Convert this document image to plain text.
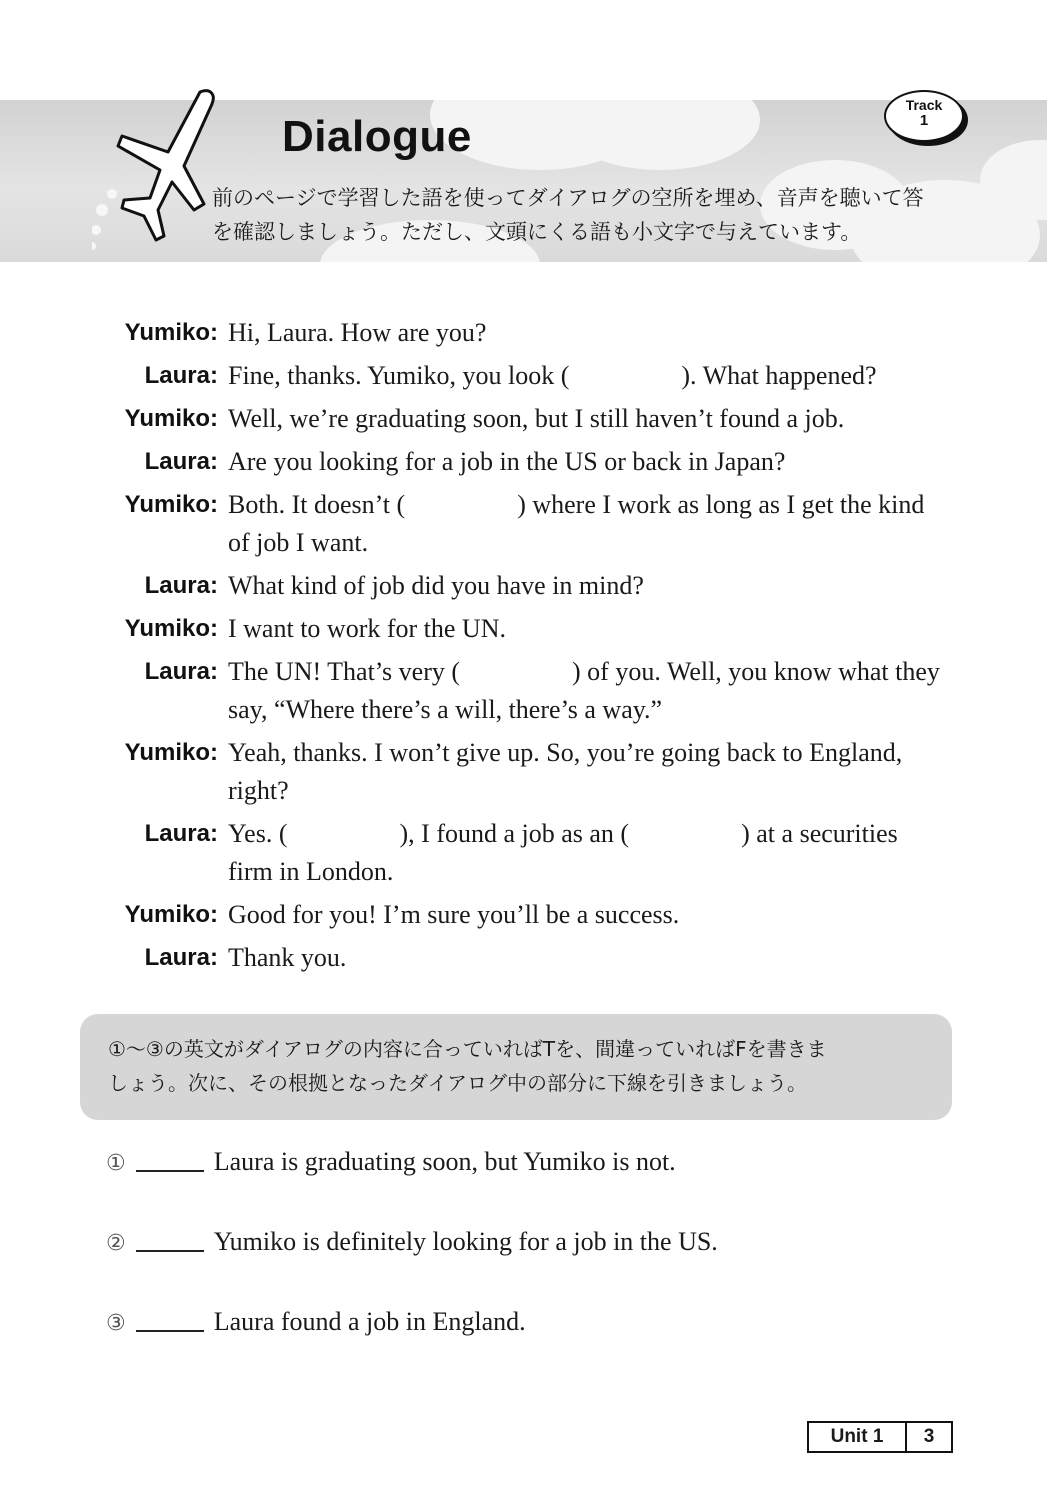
Dialogue
Track
1
前のページで学習した語を使ってダイアログの空所を埋め、音声を聴いて答
を確認しましょう。ただし、文頭にくる語も小文字で与えています。
Yumiko: Hi, Laura. How are you?
Laura: Fine, thanks. Yumiko, you look (	). What happened?
Yumiko: Well, we’re graduating soon, but I still haven’t found a job.
Laura: Are you looking for a job in the US or back in Japan?
Yumiko: Both. It doesn’t (	) where I work as long as I get the kind of job I want.
Laura: What kind of job did you have in mind?
Yumiko: I want to work for the UN.
Laura: The UN! That’s very (	) of you. Well, you know what they say, “Where there’s a will, there’s a way.”
Yumiko: Yeah, thanks. I won’t give up. So, you’re going back to England, right?
Laura: Yes. (	), I found a job as an (	) at a securities firm in London.
Yumiko: Good for you! I’m sure you’ll be a success.
Laura: Thank you.
①〜③の英文がダイアログの内容に合っていればTを、間違っていればFを書きま
しょう。次に、その根拠となったダイアログ中の部分に下線を引きましょう。
①	Laura is graduating soon, but Yumiko is not.
②	Yumiko is definitely looking for a job in the US.
③	Laura found a job in England.
Unit 1	3
